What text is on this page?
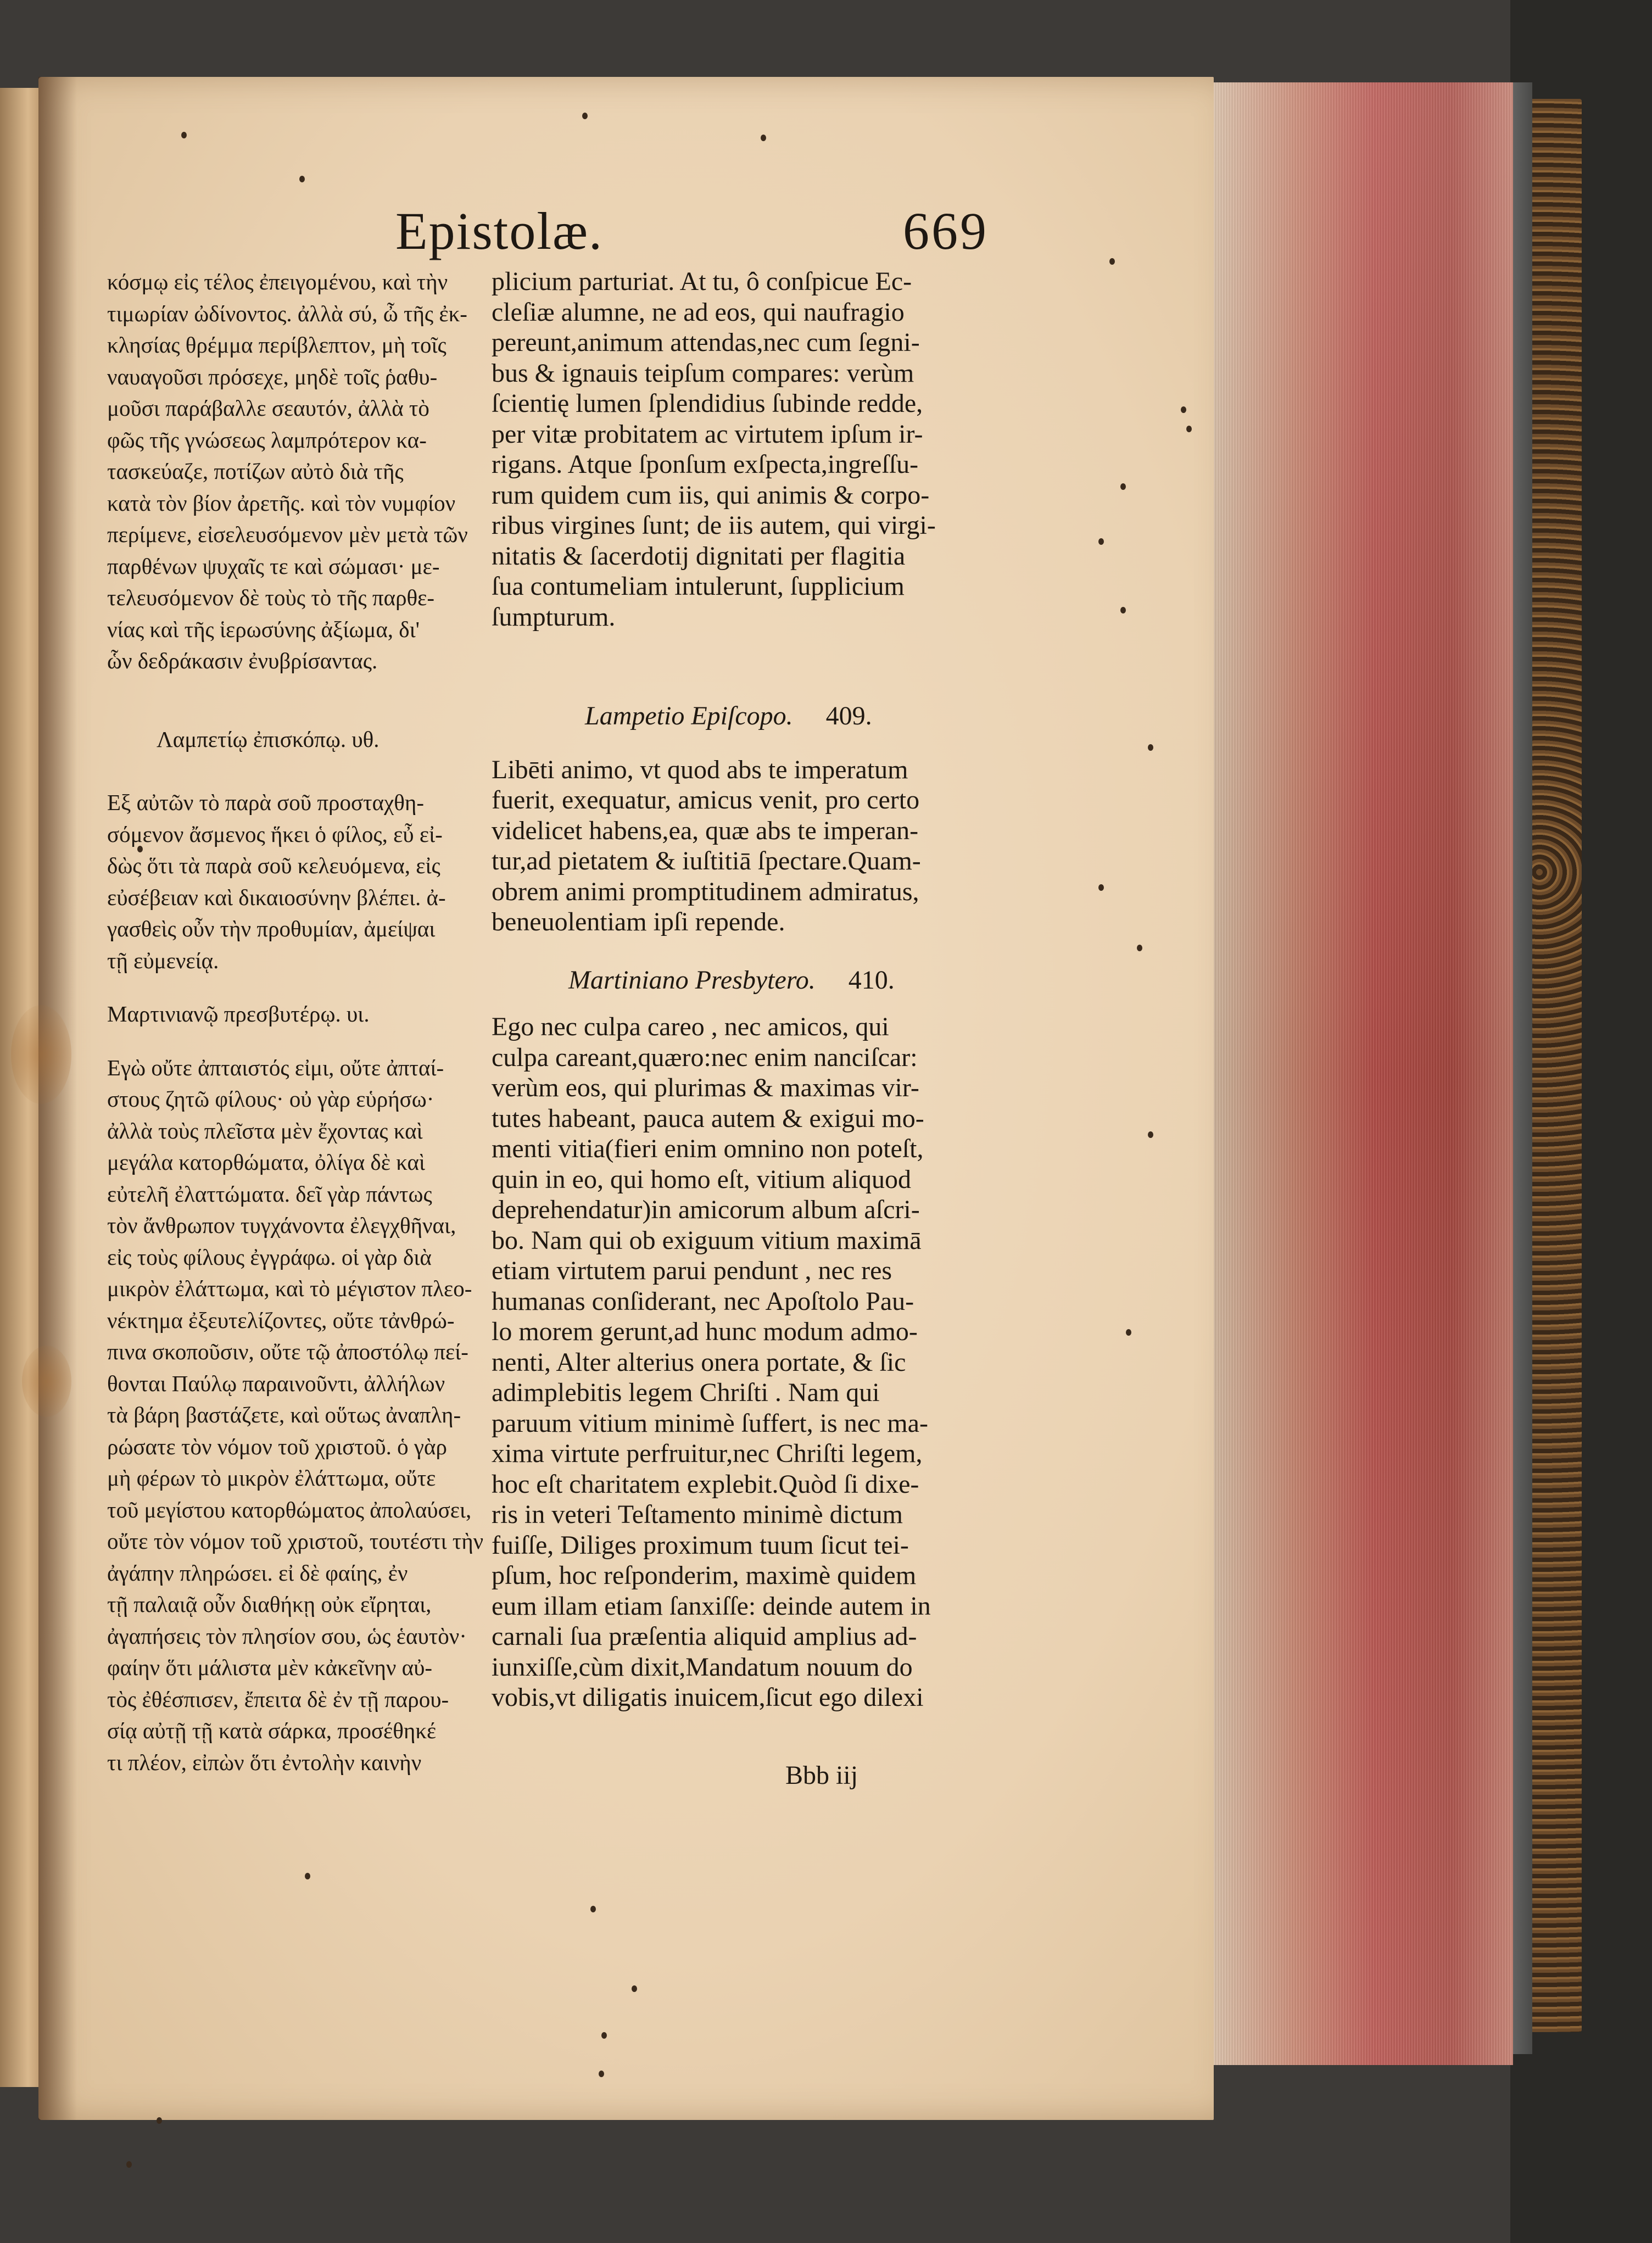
Epistolæ.	669
κόσμῳ εἰς τέλος ἐπειγομένου, καὶ τὴν
τιμωρίαν ὠδίνοντος. ἀλλὰ σύ, ὦ τῆς ἐκ-
κλησίας θρέμμα περίβλεπτον, μὴ τοῖς
ναυαγοῦσι πρόσεχε, μηδὲ τοῖς ῥαθυ-
μοῦσι παράβαλλε σεαυτόν, ἀλλὰ τὸ
φῶς τῆς γνώσεως λαμπρότερον κα-
τασκεύαζε, ποτίζων αὐτὸ διὰ τῆς
κατὰ τὸν βίον ἀρετῆς. καὶ τὸν νυμφίον
περίμενε, εἰσελευσόμενον μὲν μετὰ τῶν
παρθένων ψυχαῖς τε καὶ σώμασι· με-
τελευσόμενον δὲ τοὺς τὸ τῆς παρθε-
νίας καὶ τῆς ἱερωσύνης ἀξίωμα, δι'
ὧν δεδράκασιν ἐνυβρίσαντας.
Λαμπετίῳ ἐπισκόπῳ. υθ.
Εξ αὐτῶν τὸ παρὰ σοῦ προσταχθη-
σόμενον ἄσμενος ἥκει ὁ φίλος, εὖ εἰ-
δὼς ὅτι τὰ παρὰ σοῦ κελευόμενα, εἰς
εὐσέβειαν καὶ δικαιοσύνην βλέπει. ἀ-
γασθεὶς οὖν τὴν προθυμίαν, ἀμείψαι
τῇ εὐμενείᾳ.
Μαρτινιανῷ πρεσβυτέρῳ. υι.
Εγὼ οὔτε ἀπταιστός εἰμι, οὔτε ἀπταί-
στους ζητῶ φίλους· οὐ γὰρ εὑρήσω·
ἀλλὰ τοὺς πλεῖστα μὲν ἔχοντας καὶ
μεγάλα κατορθώματα, ὀλίγα δὲ καὶ
εὐτελῆ ἐλαττώματα. δεῖ γὰρ πάντως
τὸν ἄνθρωπον τυγχάνοντα ἐλεγχθῆναι,
εἰς τοὺς φίλους ἐγγράφω. οἱ γὰρ διὰ
μικρὸν ἐλάττωμα, καὶ τὸ μέγιστον πλεο-
νέκτημα ἐξευτελίζοντες, οὔτε τἀνθρώ-
πινα σκοποῦσιν, οὔτε τῷ ἀποστόλῳ πεί-
θονται Παύλῳ παραινοῦντι, ἀλλήλων
τὰ βάρη βαστάζετε, καὶ οὕτως ἀναπλη-
ρώσατε τὸν νόμον τοῦ χριστοῦ. ὁ γὰρ
μὴ φέρων τὸ μικρὸν ἐλάττωμα, οὔτε
τοῦ μεγίστου κατορθώματος ἀπολαύσει,
οὔτε τὸν νόμον τοῦ χριστοῦ, τουτέστι τὴν
ἀγάπην πληρώσει. εἰ δὲ φαίης, ἐν
τῇ παλαιᾷ οὖν διαθήκῃ οὐκ εἴρηται,
ἀγαπήσεις τὸν πλησίον σου, ὡς ἑαυτὸν·
φαίην ὅτι μάλιστα μὲν κἀκεῖνην αὐ-
τὸς ἐθέσπισεν, ἔπειτα δὲ ἐν τῇ παρου-
σίᾳ αὐτῇ τῇ κατὰ σάρκα, προσέθηκέ
τι πλέον, εἰπὼν ὅτι ἐντολὴν καινὴν
plicium parturiat. At tu, ô conſpicue Ec-
cleſiæ alumne, ne ad eos, qui naufragio
pereunt,animum attendas,nec cum ſegni-
bus & ignauis teipſum compares: verùm
ſcientię lumen ſplendidius ſubinde redde,
per vitæ probitatem ac virtutem ipſum ir-
rigans. Atque ſponſum exſpecta,ingreſſu-
rum quidem cum iis, qui animis & corpo-
ribus virgines ſunt; de iis autem, qui virgi-
nitatis & ſacerdotij dignitati per flagitia
ſua contumeliam intulerunt, ſupplicium
ſumpturum.
Lampetio Epiſcopo. 409.
Libēti animo, vt quod abs te imperatum
fuerit, exequatur, amicus venit, pro certo
videlicet habens,ea, quæ abs te imperan-
tur,ad pietatem & iuſtitiā ſpectare.Quam-
obrem animi promptitudinem admiratus,
beneuolentiam ipſi repende.
Martiniano Presbytero. 410.
Ego nec culpa careo , nec amicos, qui
culpa careant,quæro:nec enim nanciſcar:
verùm eos, qui plurimas & maximas vir-
tutes habeant, pauca autem & exigui mo-
menti vitia(fieri enim omnino non poteſt,
quin in eo, qui homo eſt, vitium aliquod
deprehendatur)in amicorum album aſcri-
bo. Nam qui ob exiguum vitium maximā
etiam virtutem parui pendunt , nec res
humanas conſiderant, nec Apoſtolo Pau-
lo morem gerunt,ad hunc modum admo-
nenti, Alter alterius onera portate, & ſic
adimplebitis legem Chriſti . Nam qui
paruum vitium minimè ſuffert, is nec ma-
xima virtute perfruitur,nec Chriſti legem,
hoc eſt charitatem explebit.Quòd ſi dixe-
ris in veteri Teſtamento minimè dictum
fuiſſe, Diliges proximum tuum ſicut tei-
pſum, hoc reſponderim, maximè quidem
eum illam etiam ſanxiſſe: deinde autem in
carnali ſua præſentia aliquid amplius ad-
iunxiſſe,cùm dixit,Mandatum nouum do
vobis,vt diligatis inuicem,ſicut ego dilexi
Bbb iij
